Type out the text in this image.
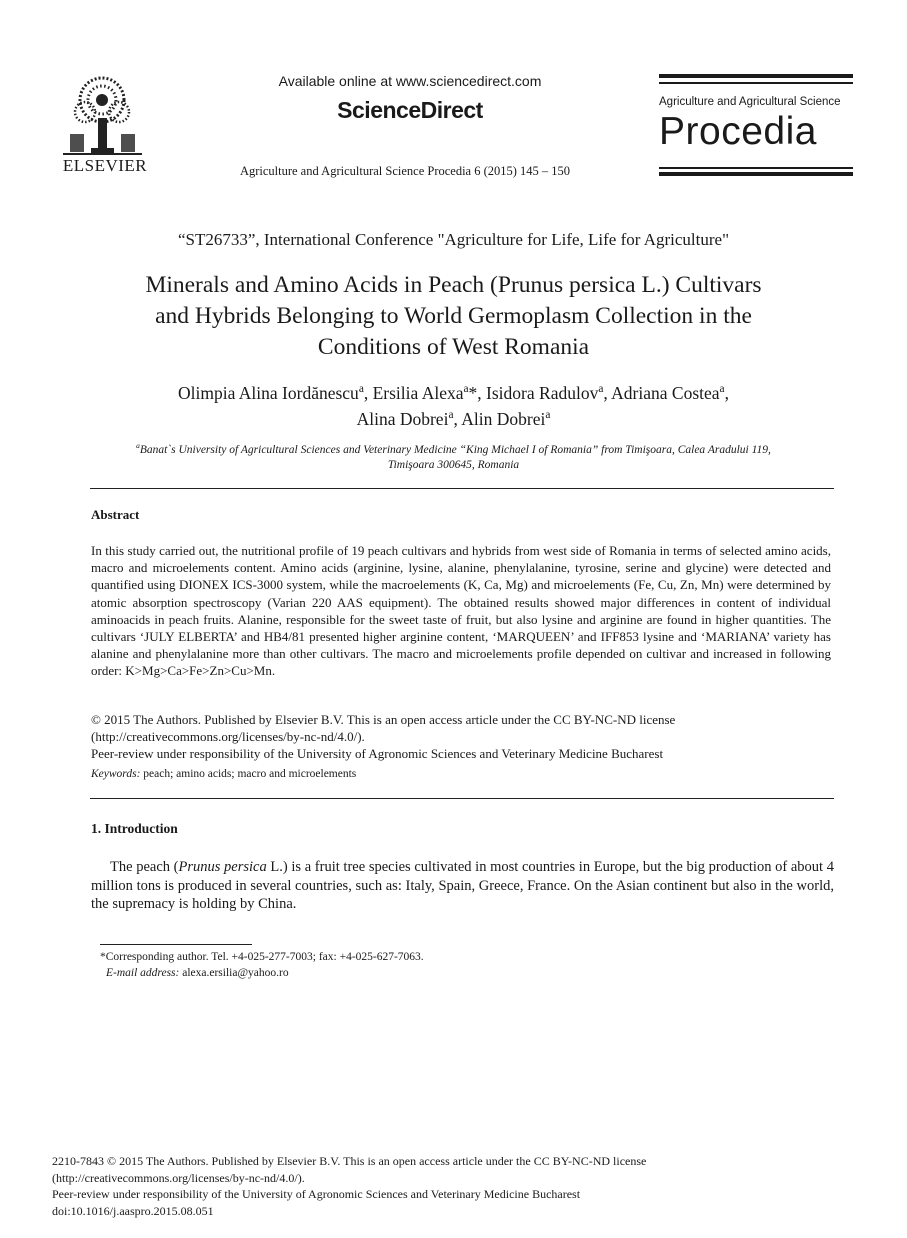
ELSEVIER
Available online at www.sciencedirect.com
ScienceDirect
Agriculture and Agricultural Science Procedia 6 (2015) 145 – 150
Agriculture and Agricultural Science
Procedia
“ST26733”, International Conference "Agriculture for Life, Life for Agriculture"
Minerals and Amino Acids in Peach (Prunus persica L.) Cultivars
and Hybrids Belonging to World Germoplasm Collection in the
Conditions of West Romania
Olimpia Alina Iordănescu$^a$, Ersilia Alexa$^a$*, Isidora Radulov$^a$, Adriana Costea$^a$,
Alina Dobrei$^a$, Alin Dobrei$^a$
$^a$Banat`s University of Agricultural Sciences and Veterinary Medicine “King Michael I of Romania” from Timişoara, Calea Aradului 119,
Timişoara 300645, Romania
Abstract
In this study carried out, the nutritional profile of 19 peach cultivars and hybrids from west side of Romania in terms of selected amino acids, macro and microelements content. Amino acids (arginine, lysine, alanine, phenylalanine, tyrosine, serine and glycine) were detected and quantified using DIONEX ICS-3000 system, while the macroelements (K, Ca, Mg) and microelements (Fe, Cu, Zn, Mn) were determined by atomic absorption spectroscopy (Varian 220 AAS equipment). The obtained results showed major differences in content of individual aminoacids in peach fruits. Alanine, responsible for the sweet taste of fruit, but also lysine and arginine are found in higher quantities. The cultivars ‘JULY ELBERTA’ and HB4/81 presented higher arginine content, ‘MARQUEEN’ and IFF853 lysine and ‘MARIANA’ variety has alanine and phenylalanine more than other cultivars. The macro and microelements profile depended on cultivar and increased in following order: K>Mg>Ca>Fe>Zn>Cu>Mn.
© 2015 The Authors. Published by Elsevier B.V. This is an open access article under the CC BY-NC-ND license
(http://creativecommons.org/licenses/by-nc-nd/4.0/).
Peer-review under responsibility of the University of Agronomic Sciences and Veterinary Medicine Bucharest
Keywords: peach; amino acids; macro and microelements
1. Introduction
The peach (Prunus persica L.) is a fruit tree species cultivated in most countries in Europe, but the big production of about 4 million tons is produced in several countries, such as: Italy, Spain, Greece, France. On the Asian continent but also in the world, the supremacy is holding by China.
*Corresponding author. Tel. +4-025-277-7003; fax: +4-025-627-7063.
E-mail address: alexa.ersilia@yahoo.ro
2210-7843 © 2015 The Authors. Published by Elsevier B.V. This is an open access article under the CC BY-NC-ND license
(http://creativecommons.org/licenses/by-nc-nd/4.0/).
Peer-review under responsibility of the University of Agronomic Sciences and Veterinary Medicine Bucharest
doi:10.1016/j.aaspro.2015.08.051
